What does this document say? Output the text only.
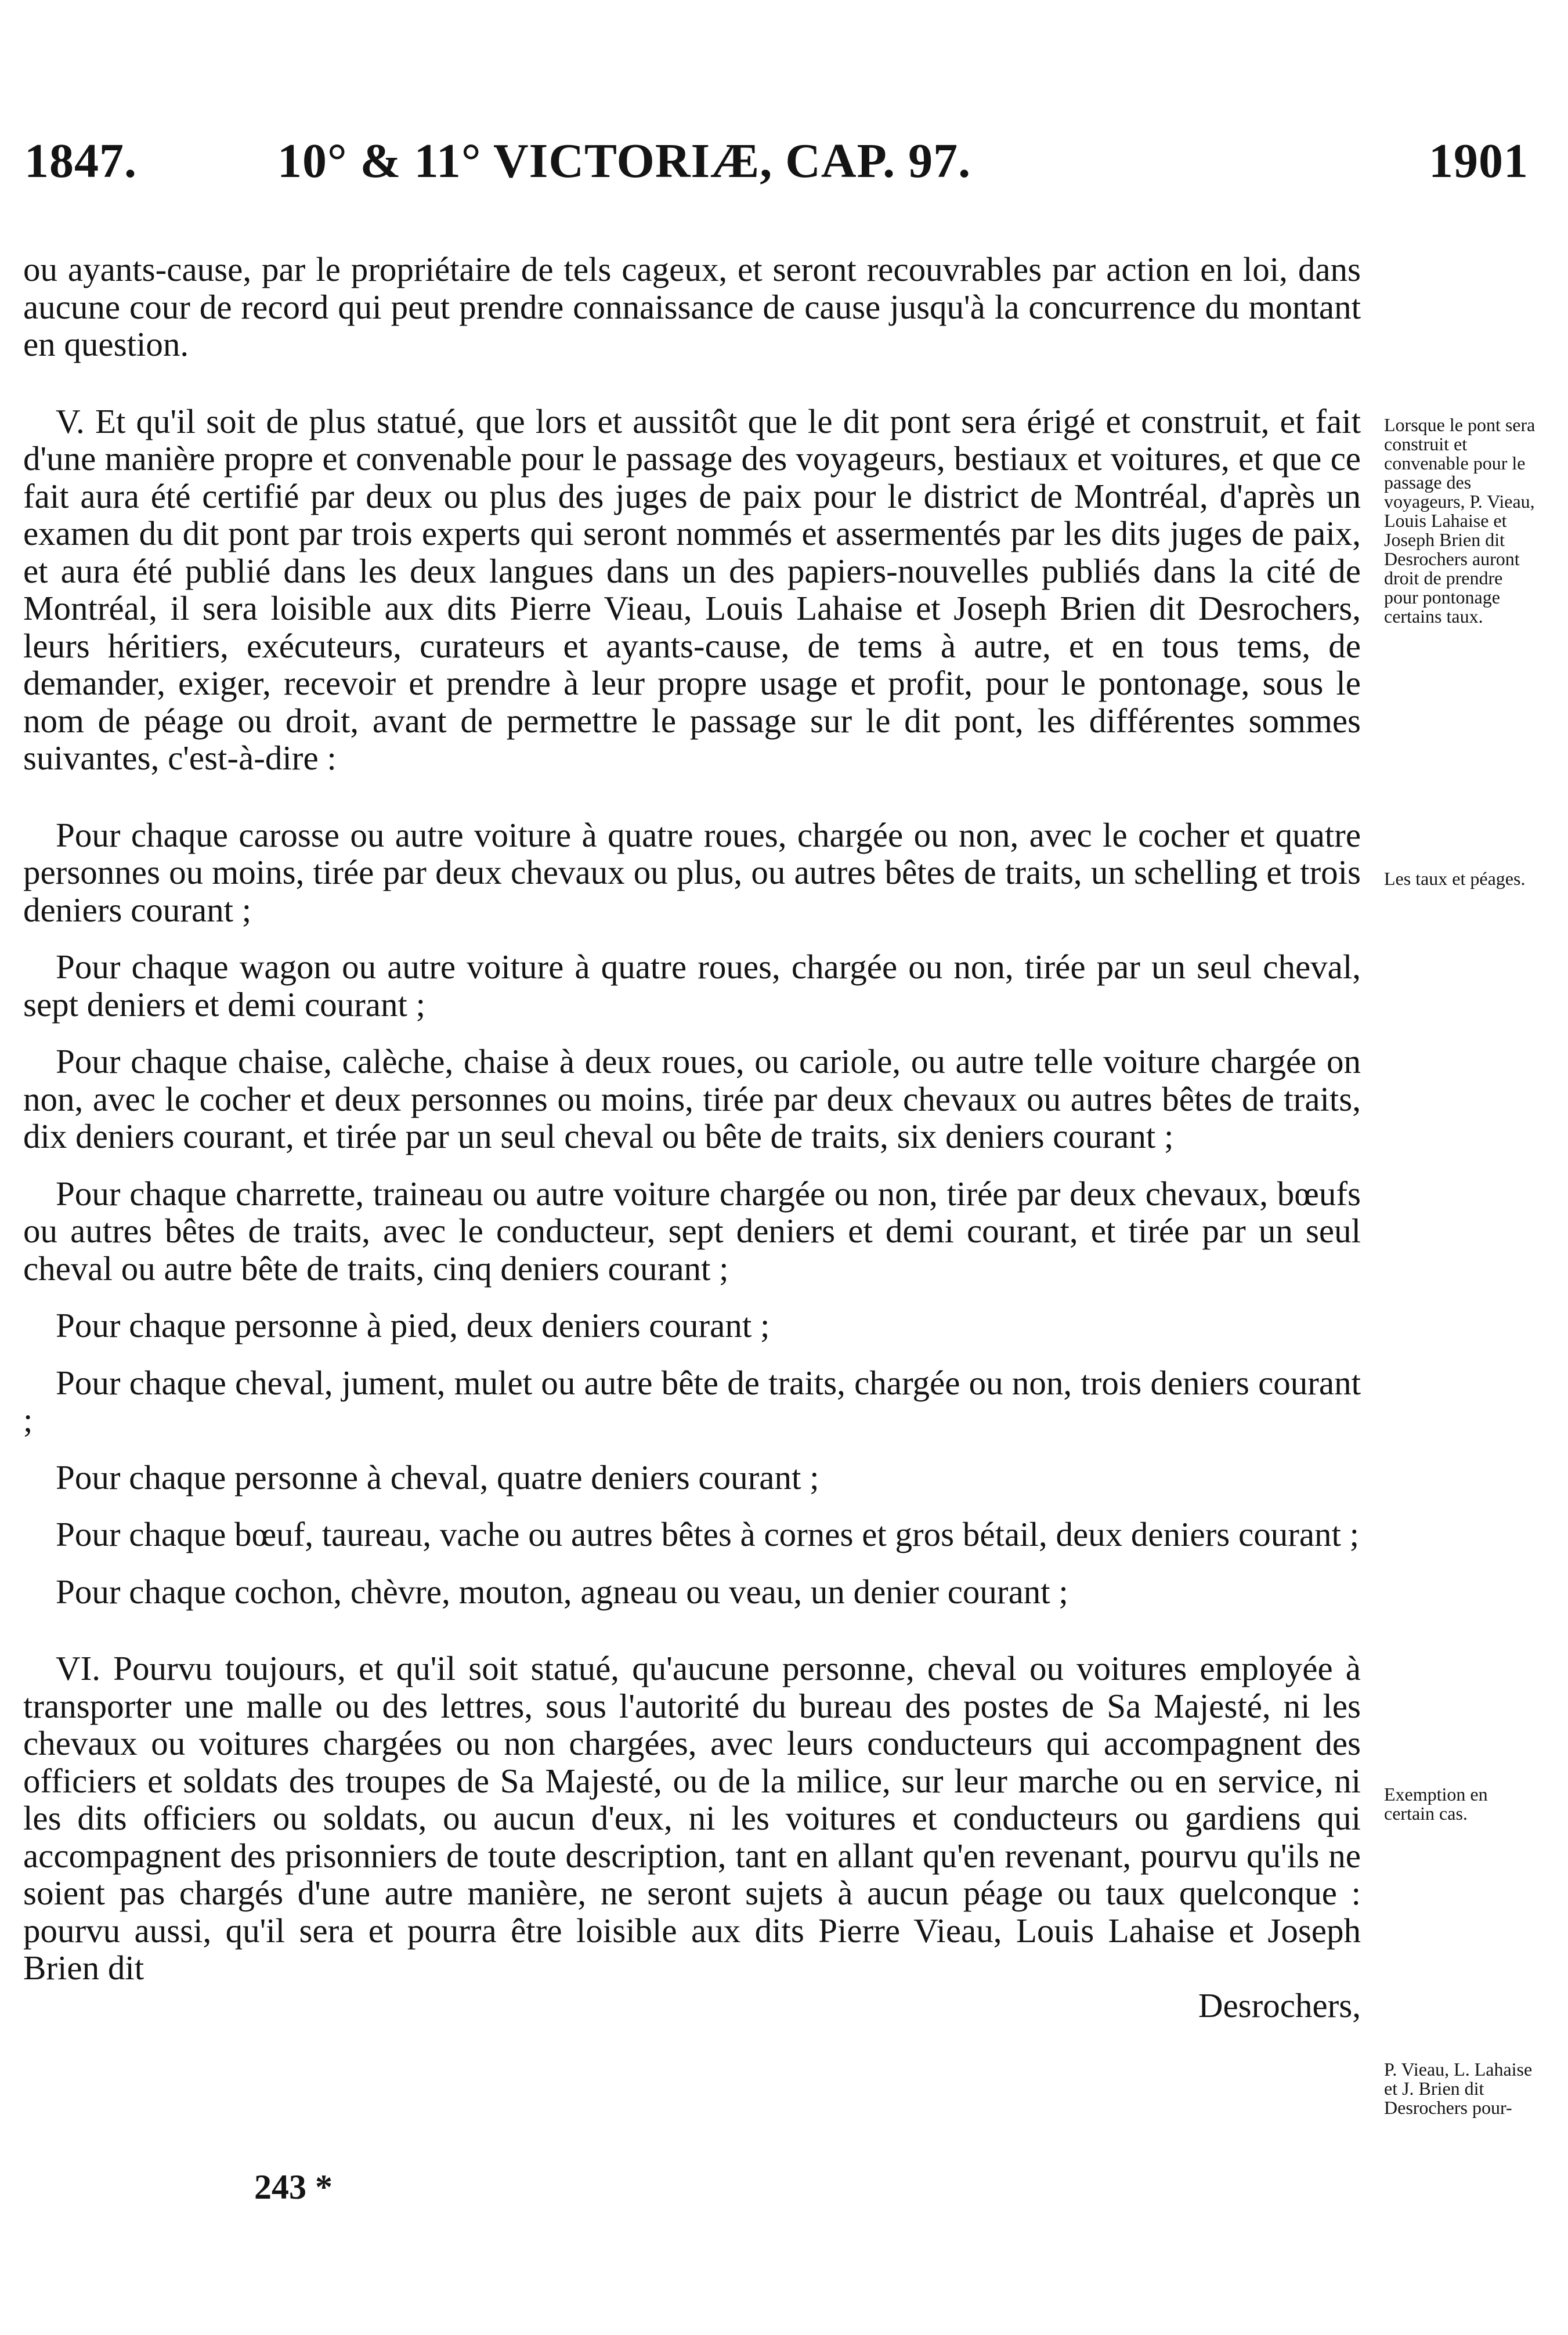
1847.	10° & 11° VICTORIÆ, CAP. 97.	1901

ou ayants-cause, par le propriétaire de tels cageux, et seront recouvrables par action en loi, dans aucune cour de record qui peut prendre connaissance de cause jusqu'à la concurrence du montant en question.

V. Et qu'il soit de plus statué, que lors et aussitôt que le dit pont sera érigé et construit, et fait d'une manière propre et convenable pour le passage des voyageurs, bestiaux et voitures, et que ce fait aura été certifié par deux ou plus des juges de paix pour le district de Montréal, d'après un examen du dit pont par trois experts qui seront nommés et assermentés par les dits juges de paix, et aura été publié dans les deux langues dans un des papiers-nouvelles publiés dans la cité de Montréal, il sera loisible aux dits Pierre Vieau, Louis Lahaise et Joseph Brien dit Desrochers, leurs héritiers, exécuteurs, curateurs et ayants-cause, de tems à autre, et en tous tems, de demander, exiger, recevoir et prendre à leur propre usage et profit, pour le pontonage, sous le nom de péage ou droit, avant de permettre le passage sur le dit pont, les différentes sommes suivantes, c'est-à-dire :

Pour chaque carosse ou autre voiture à quatre roues, chargée ou non, avec le cocher et quatre personnes ou moins, tirée par deux chevaux ou plus, ou autres bêtes de traits, un schelling et trois deniers courant ;

Pour chaque wagon ou autre voiture à quatre roues, chargée ou non, tirée par un seul cheval, sept deniers et demi courant ;

Pour chaque chaise, calèche, chaise à deux roues, ou cariole, ou autre telle voiture chargée on non, avec le cocher et deux personnes ou moins, tirée par deux chevaux ou autres bêtes de traits, dix deniers courant, et tirée par un seul cheval ou bête de traits, six deniers courant ;

Pour chaque charrette, traineau ou autre voiture chargée ou non, tirée par deux chevaux, bœufs ou autres bêtes de traits, avec le conducteur, sept deniers et demi courant, et tirée par un seul cheval ou autre bête de traits, cinq deniers courant ;

Pour chaque personne à pied, deux deniers courant ;

Pour chaque cheval, jument, mulet ou autre bête de traits, chargée ou non, trois deniers courant ;

Pour chaque personne à cheval, quatre deniers courant ;

Pour chaque bœuf, taureau, vache ou autres bêtes à cornes et gros bétail, deux deniers courant ;

Pour chaque cochon, chèvre, mouton, agneau ou veau, un denier courant ;

VI. Pourvu toujours, et qu'il soit statué, qu'aucune personne, cheval ou voitures employée à transporter une malle ou des lettres, sous l'autorité du bureau des postes de Sa Majesté, ni les chevaux ou voitures chargées ou non chargées, avec leurs conducteurs qui accompagnent des officiers et soldats des troupes de Sa Majesté, ou de la milice, sur leur marche ou en service, ni les dits officiers ou soldats, ou aucun d'eux, ni les voitures et conducteurs ou gardiens qui accompagnent des prisonniers de toute description, tant en allant qu'en revenant, pourvu qu'ils ne soient pas chargés d'une autre manière, ne seront sujets à aucun péage ou taux quelconque : pourvu aussi, qu'il sera et pourra être loisible aux dits Pierre Vieau, Louis Lahaise et Joseph Brien dit

Desrochers,

Lorsque le pont sera construit et convenable pour le passage des voyageurs, P. Vieau, Louis Lahaise et Joseph Brien dit Desrochers auront droit de prendre pour pontonage certains taux.
Les taux et péages.
Exemption en certain cas.
P. Vieau, L. Lahaise et J. Brien dit Desrochers pour-
243 *
